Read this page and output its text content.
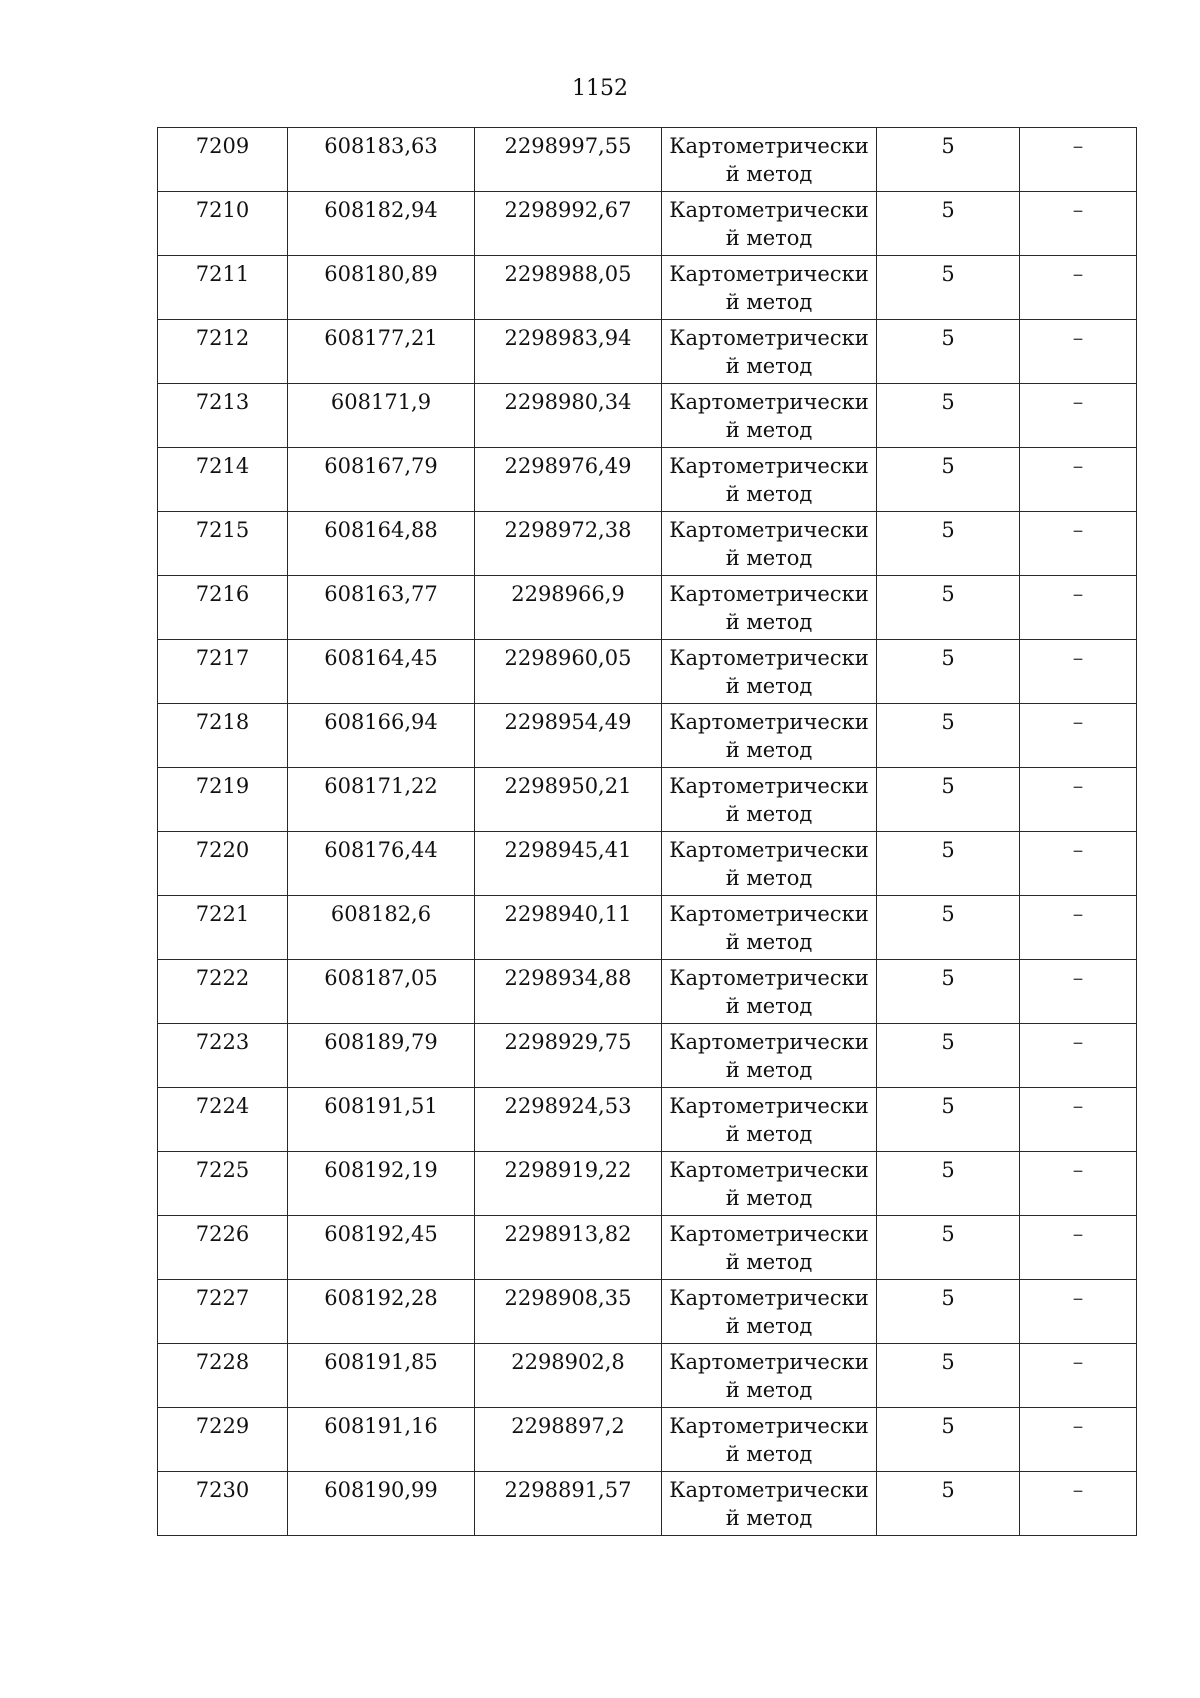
1152
7209	608183,63	2298997,55	Картометрически
й метод	5	–

7210	608182,94	2298992,67	Картометрически
й метод	5	–

7211	608180,89	2298988,05	Картометрически
й метод	5	–

7212	608177,21	2298983,94	Картометрически
й метод	5	–

7213	608171,9	2298980,34	Картометрически
й метод	5	–

7214	608167,79	2298976,49	Картометрически
й метод	5	–

7215	608164,88	2298972,38	Картометрически
й метод	5	–

7216	608163,77	2298966,9	Картометрически
й метод	5	–

7217	608164,45	2298960,05	Картометрически
й метод	5	–

7218	608166,94	2298954,49	Картометрически
й метод	5	–

7219	608171,22	2298950,21	Картометрически
й метод	5	–

7220	608176,44	2298945,41	Картометрически
й метод	5	–

7221	608182,6	2298940,11	Картометрически
й метод	5	–

7222	608187,05	2298934,88	Картометрически
й метод	5	–

7223	608189,79	2298929,75	Картометрически
й метод	5	–

7224	608191,51	2298924,53	Картометрически
й метод	5	–

7225	608192,19	2298919,22	Картометрически
й метод	5	–

7226	608192,45	2298913,82	Картометрически
й метод	5	–

7227	608192,28	2298908,35	Картометрически
й метод	5	–

7228	608191,85	2298902,8	Картометрически
й метод	5	–

7229	608191,16	2298897,2	Картометрически
й метод	5	–

7230	608190,99	2298891,57	Картометрически
й метод	5	–
